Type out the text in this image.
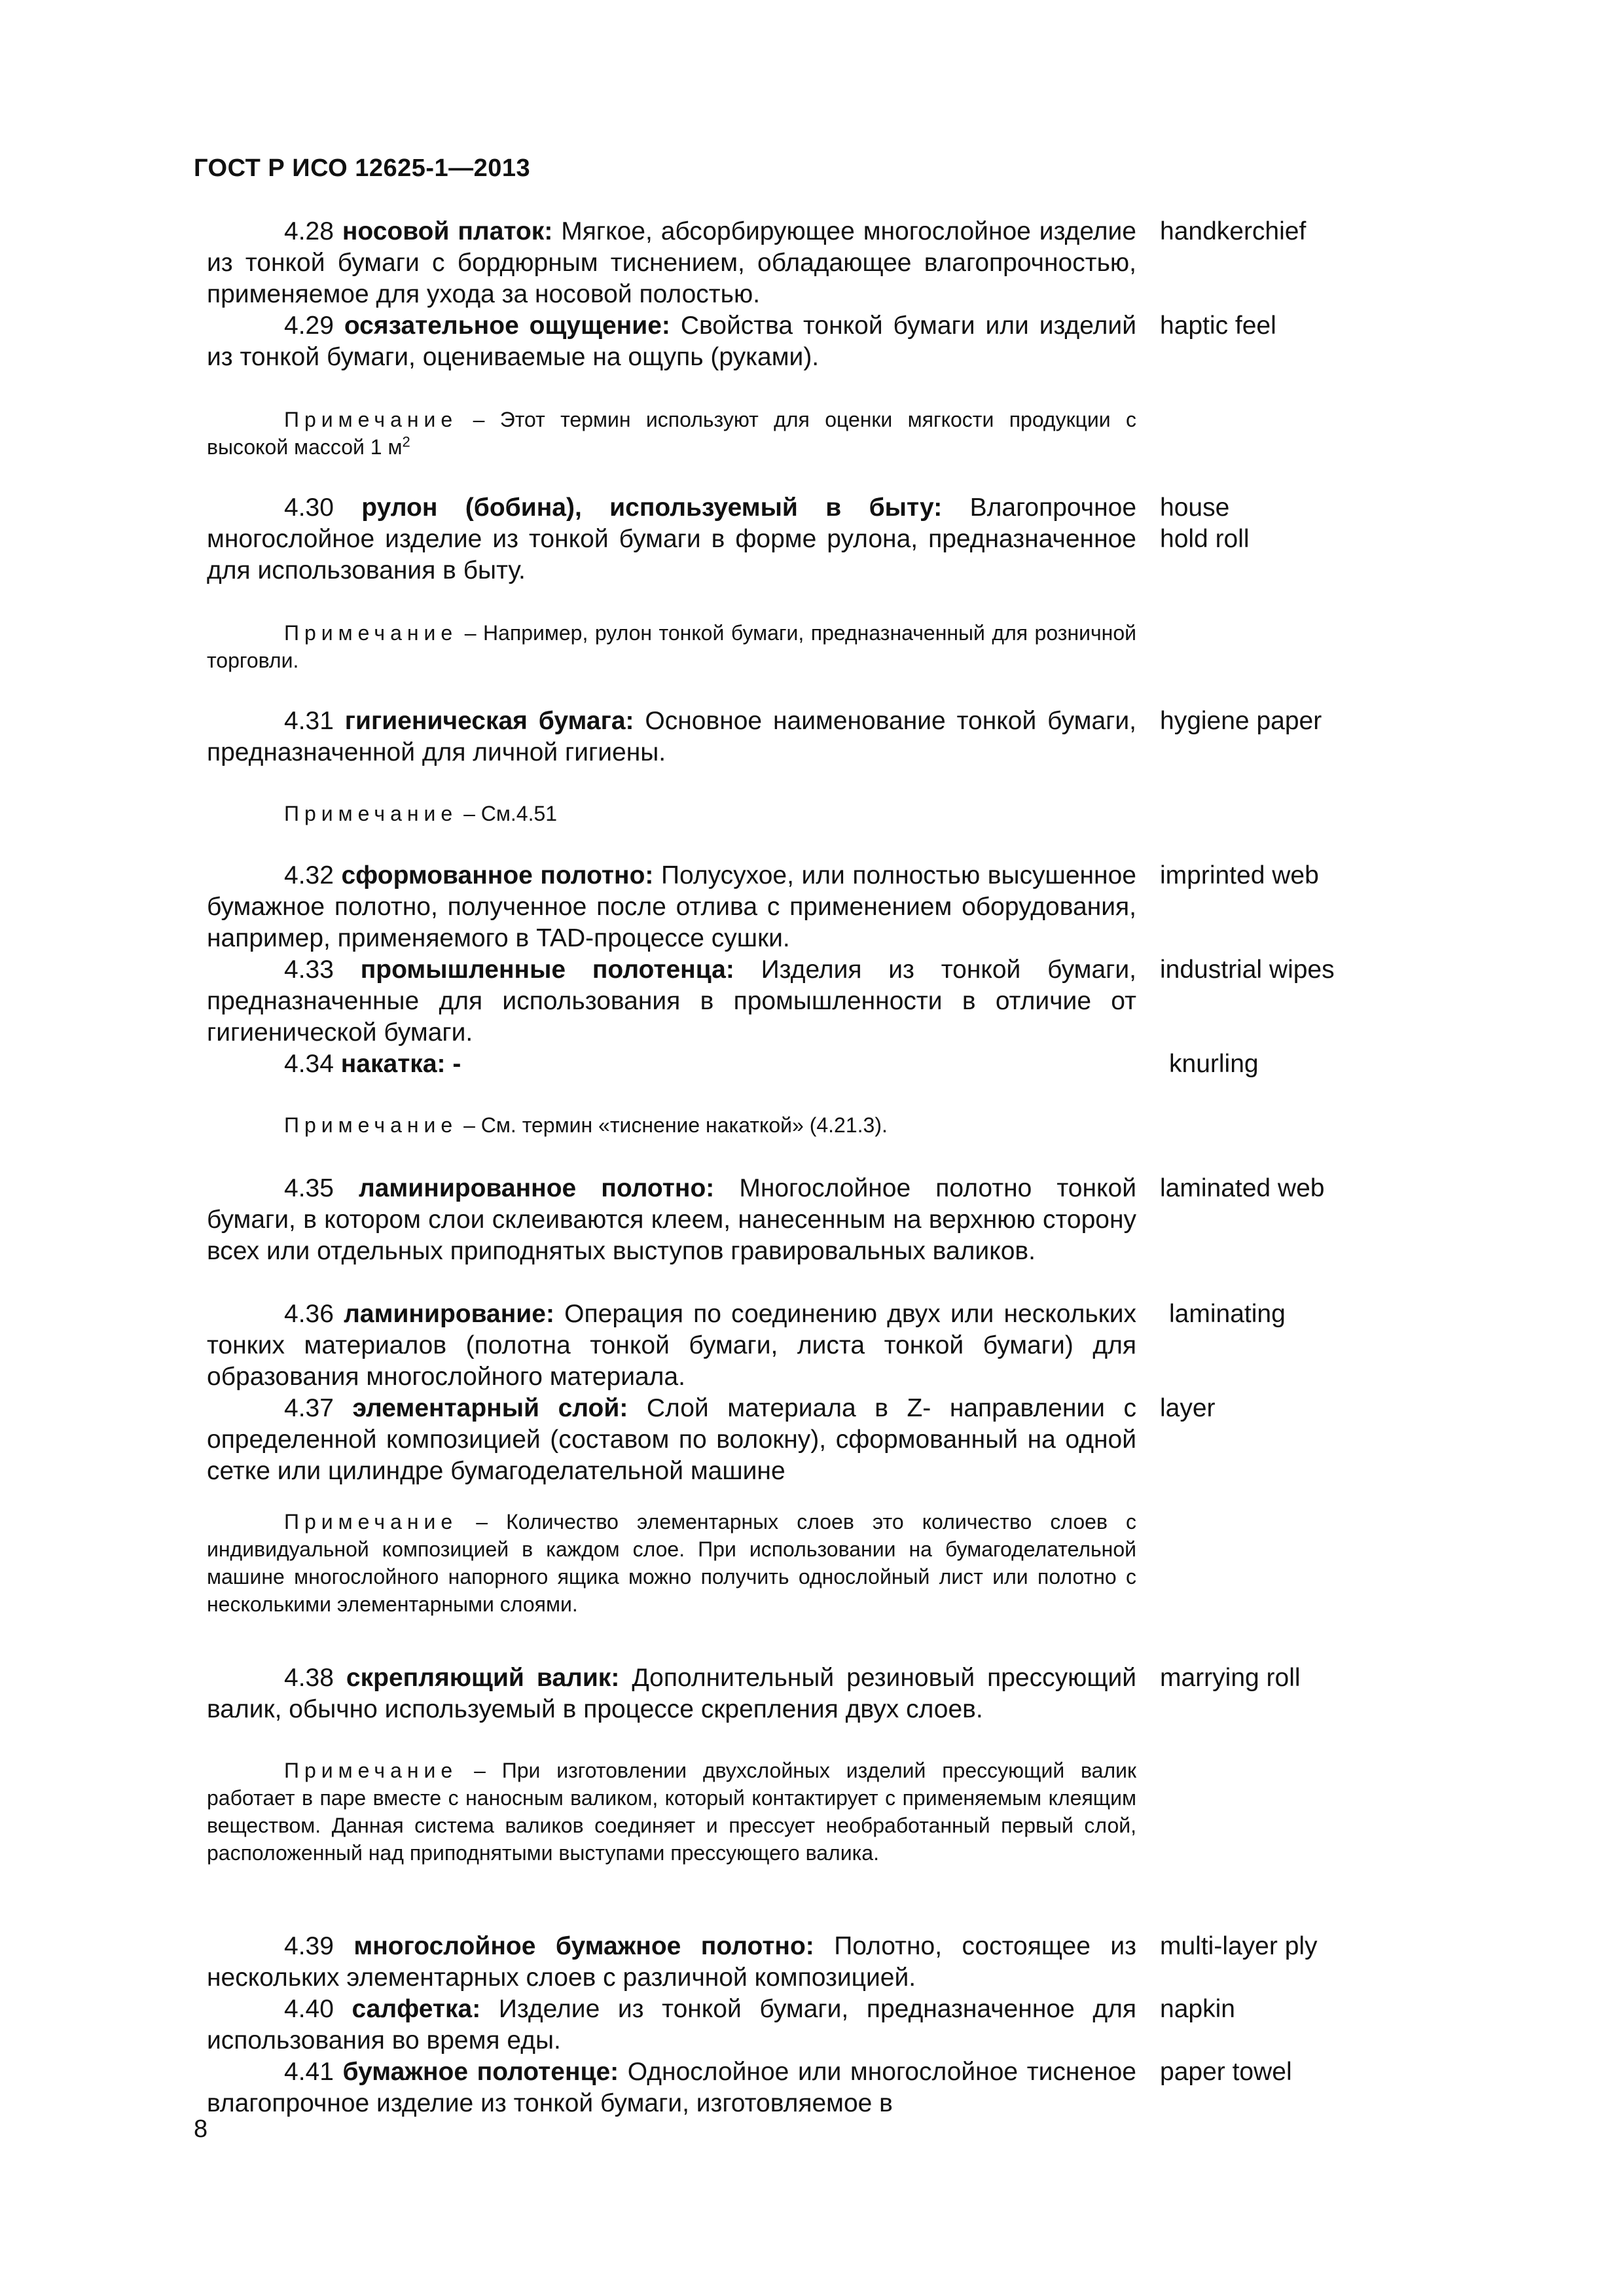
ГОСТ Р ИСО 12625-1—2013
4.28 носовой платок: Мягкое, абсорбирующее многослойное изделие из тонкой бумаги с бордюрным тиснением, обладающее влагопрочностью, применяемое для ухода за носовой полостью.
handkerchief
4.29 осязательное ощущение: Свойства тонкой бумаги или изделий из тонкой бумаги, оцениваемые на ощупь (руками).
haptic feel
Примечание – Этот термин используют для оценки мягкости продукции с высокой массой 1 $м^2$
4.30 рулон (бобина), используемый в быту: Влагопрочное многослойное изделие из тонкой бумаги в форме рулона, предназначенное для использования в быту.
house
hold roll
Примечание – Например, рулон тонкой бумаги, предназначенный для розничной торговли.
4.31 гигиеническая бумага: Основное наименование тонкой бумаги, предназначенной для личной гигиены.
hygiene paper
Примечание – См.4.51
4.32 сформованное полотно: Полусухое, или полностью высушенное бумажное полотно, полученное после отлива с применением оборудования, например, применяемого в TAD-процессе сушки.
imprinted web
4.33 промышленные полотенца: Изделия из тонкой бумаги, предназначенные для использования в промышленности в отличие от гигиенической бумаги.
industrial wipes
4.34 накатка: -	knurling
Примечание – См. термин «тиснение накаткой» (4.21.3).
4.35 ламинированное полотно: Многослойное полотно тонкой бумаги, в котором слои склеиваются клеем, нанесенным на верхнюю сторону всех или отдельных приподнятых выступов гравировальных валиков.
laminated web
4.36 ламинирование: Операция по соединению двух или нескольких тонких материалов (полотна тонкой бумаги, листа тонкой бумаги) для образования многослойного материала.
laminating
4.37 элементарный слой: Слой материала в Z- направлении с определенной композицией (составом по волокну), сформованный на одной сетке или цилиндре бумагоделательной машине
layer
Примечание – Количество элементарных слоев это количество слоев с индивидуальной композицией в каждом слое. При использовании на бумагоделательной машине многослойного напорного ящика можно получить однослойный лист или полотно с несколькими элементарными слоями.
4.38 скрепляющий валик: Дополнительный резиновый прессующий валик, обычно используемый в процессе скрепления двух слоев.
marrying roll
Примечание – При изготовлении двухслойных изделий прессующий валик работает в паре вместе с наносным валиком, который контактирует с применяемым клеящим веществом. Данная система валиков соединяет и прессует необработанный первый слой, расположенный над приподнятыми выступами прессующего валика.
4.39 многослойное бумажное полотно: Полотно, состоящее из нескольких элементарных слоев с различной композицией.
multi-layer ply
4.40 салфетка: Изделие из тонкой бумаги, предназначенное для использования во время еды.
napkin
4.41 бумажное полотенце: Однослойное или многослойное тисненое влагопрочное изделие из тонкой бумаги, изготовляемое в
paper towel
8
